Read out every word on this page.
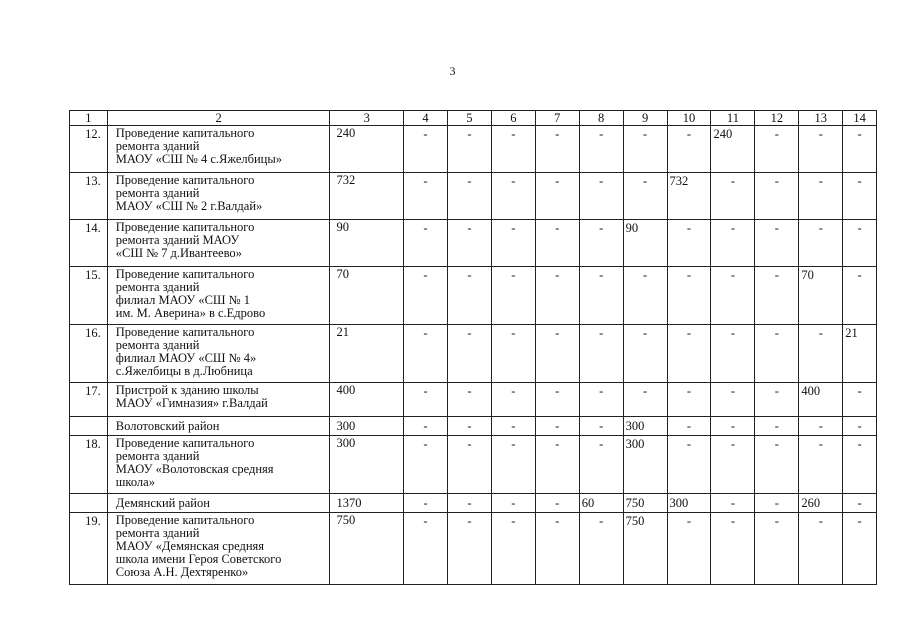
3
1	2	3	4	5	6	7	8	9	10	11	12	13	14
12.	Проведение капитального
ремонта зданий
МАОУ «СШ № 4 с.Яжелбицы»	240	-	-	-	-	-	-	-	240	-	-	-
13.	Проведение капитального
ремонта зданий
МАОУ «СШ № 2 г.Валдай»	732	-	-	-	-	-	-	732	-	-	-	-
14.	Проведение капитального
ремонта зданий МАОУ
«СШ № 7 д.Ивантеево»	90	-	-	-	-	-	90	-	-	-	-	-
15.	Проведение капитального
ремонта зданий
филиал МАОУ «СШ № 1
им. М. Аверина» в с.Едрово	70	-	-	-	-	-	-	-	-	-	70	-
16.	Проведение капитального
ремонта зданий
филиал МАОУ «СШ № 4»
с.Яжелбицы в д.Любница	21	-	-	-	-	-	-	-	-	-	-	21
17.	Пристрой к зданию школы
МАОУ «Гимназия» г.Валдай	400	-	-	-	-	-	-	-	-	-	400	-
	Волотовский район	300	-	-	-	-	-	300	-	-	-	-	-
18.	Проведение капитального
ремонта зданий
МАОУ «Волотовская средняя
школа»	300	-	-	-	-	-	300	-	-	-	-	-
	Демянский район	1370	-	-	-	-	60	750	300	-	-	260	-
19.	Проведение капитального
ремонта зданий
МАОУ «Демянская средняя
школа имени Героя Советского
Союза А.Н. Дехтяренко»	750	-	-	-	-	-	750	-	-	-	-	-
